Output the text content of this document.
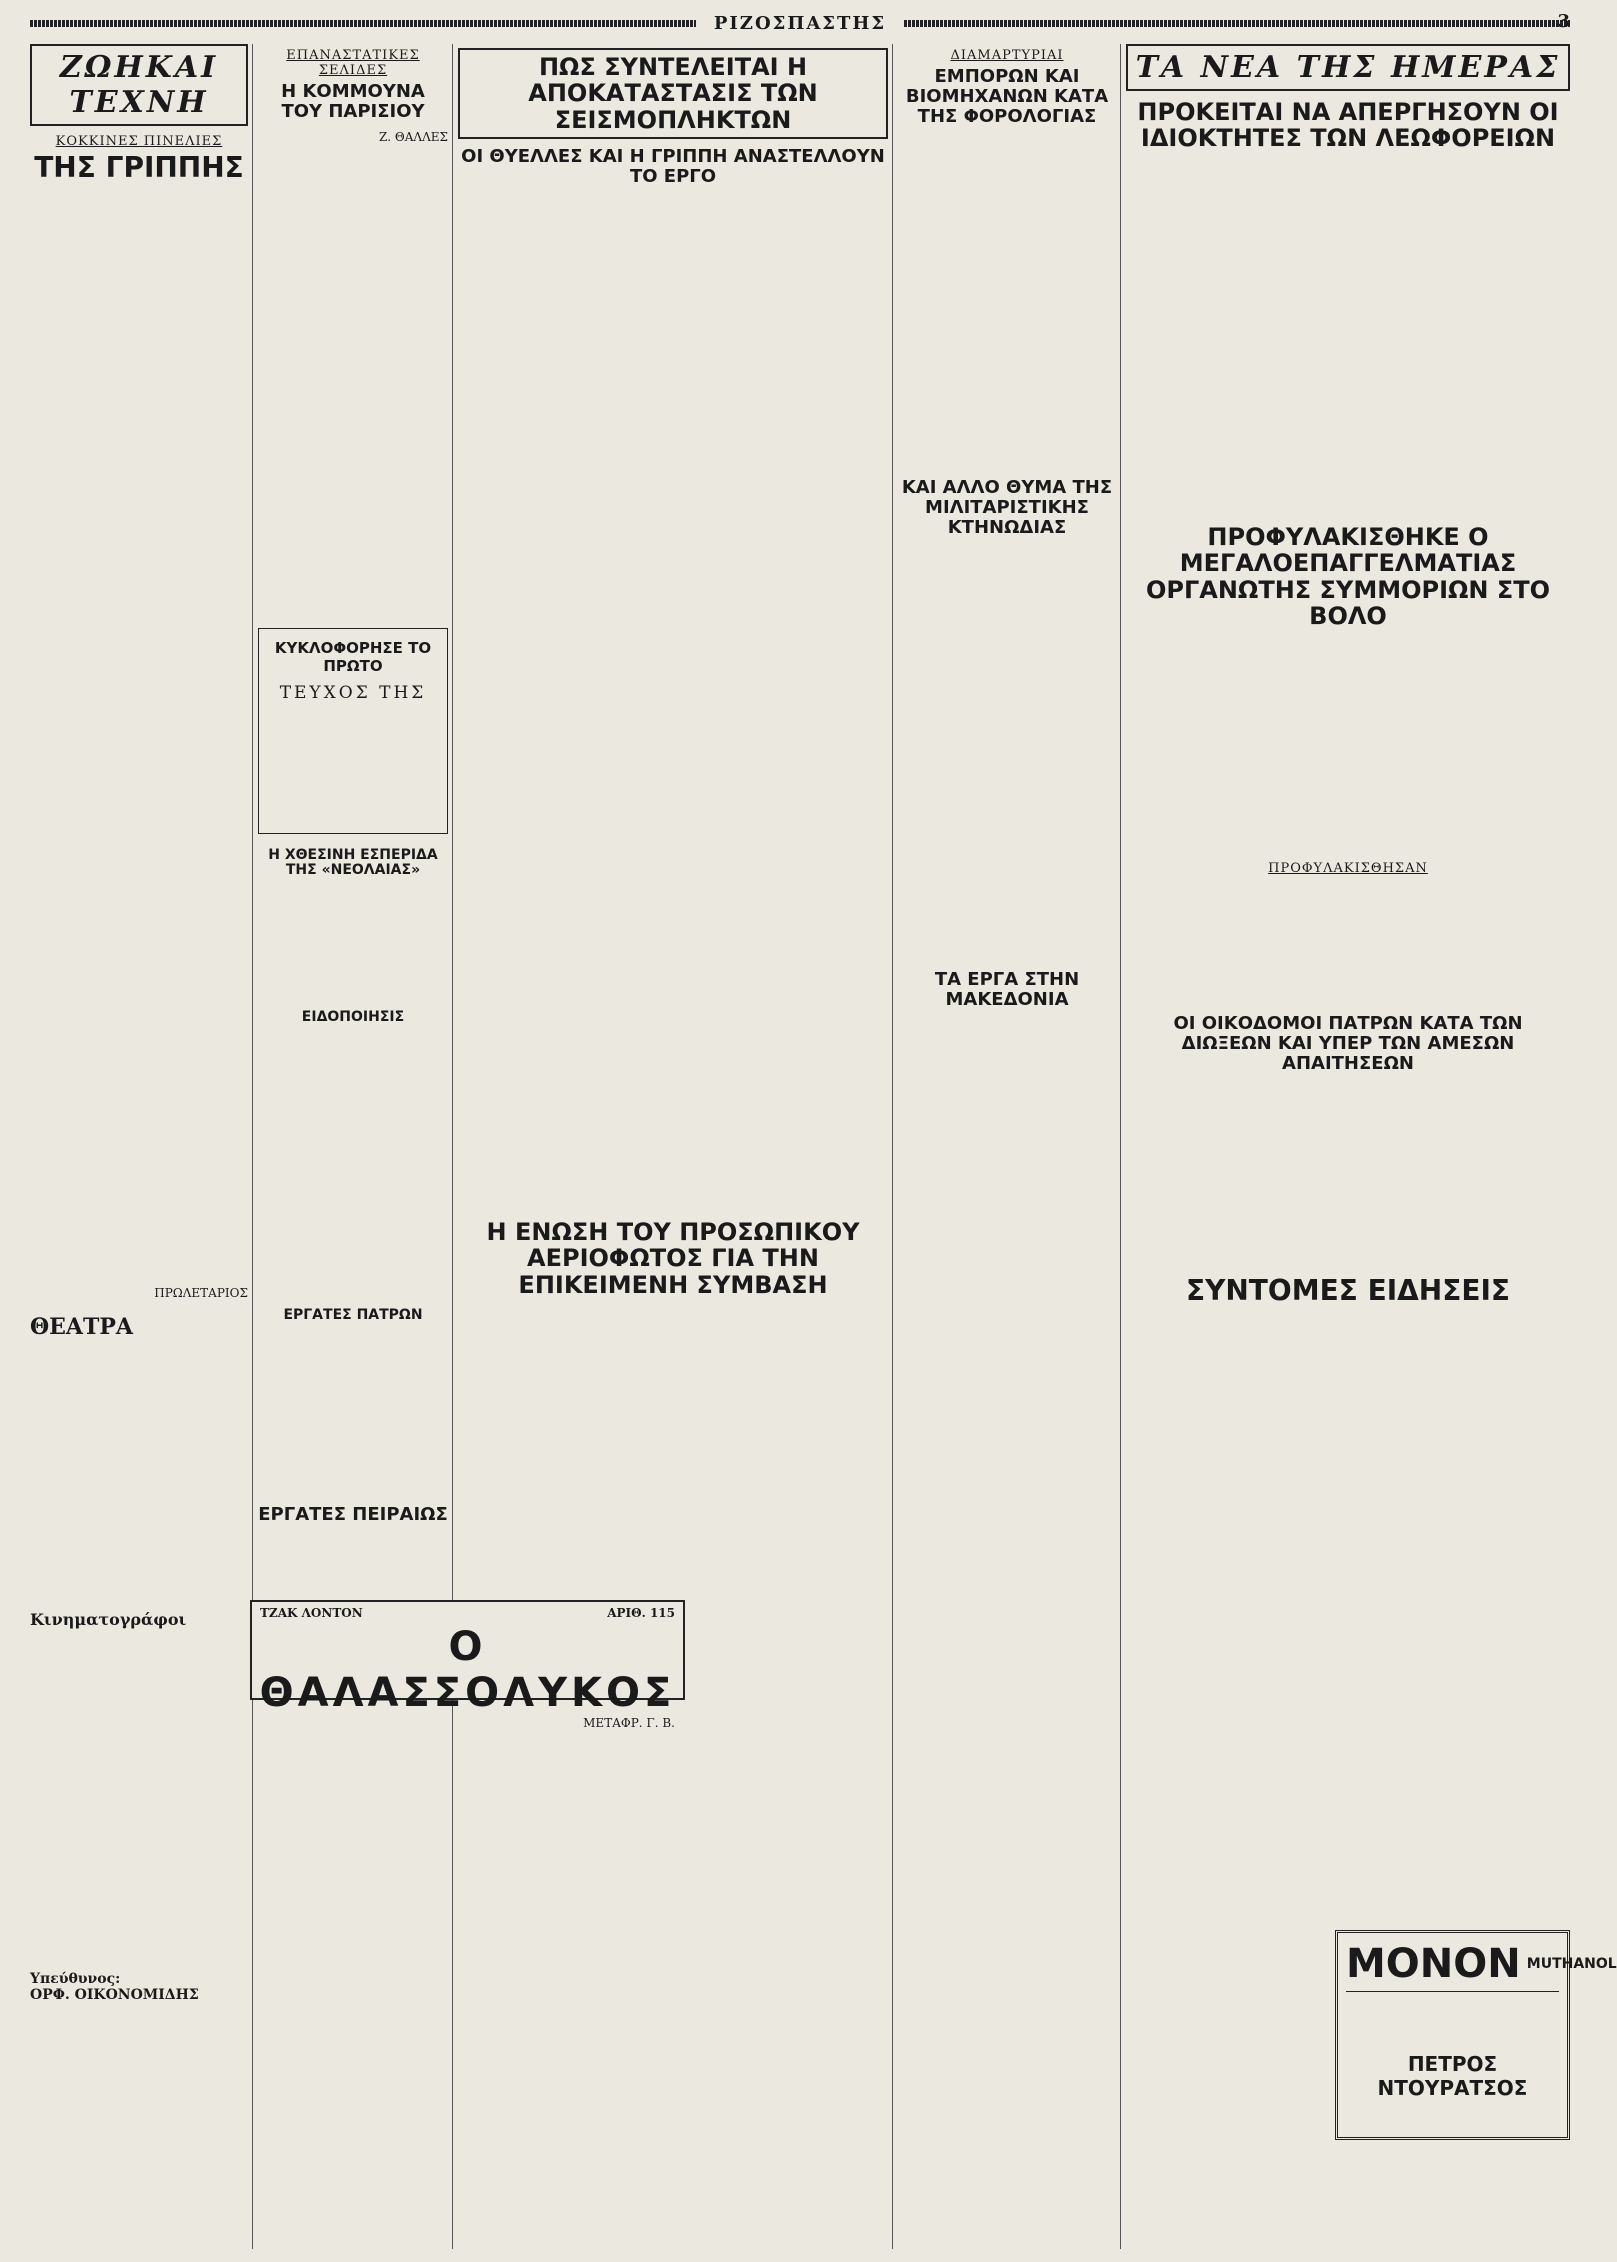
ΡΙΖΟΣΠΑΣΤΗΣ	3
ΖΩΗΚΑΙ ΤΕΧΝΗ
ΚΟΚΚΙΝΕΣ ΠΙΝΕΛΙΕΣ
ΤΗΣ ΓΡΙΠΠΗΣ
ΠΡΩΛΕΤΑΡΙΟΣ
ΘΕΑΤΡΑ
Κινηματογράφοι
Υπεύθυνος:
ΟΡΦ. ΟΙΚΟΝΟΜΙΔΗΣ
ΕΠΑΝΑΣΤΑΤΙΚΕΣ ΣΕΛΙΔΕΣ
Η ΚΟΜΜΟΥΝΑ ΤΟΥ ΠΑΡΙΣΙΟΥ
Ζ. ΘΑΛΛΕΣ
ΚΥΚΛΟΦΟΡΗΣΕ ΤΟ ΠΡΩΤΟ
ΤΕΥΧΟΣ ΤΗΣ
Η ΧΘΕΣΙΝΗ ΕΣΠΕΡΙΔΑ ΤΗΣ «ΝΕΟΛΑΙΑΣ»
ΕΙΔΟΠΟΙΗΣΙΣ
ΕΡΓΑΤΕΣ ΠΑΤΡΩΝ
ΕΡΓΑΤΕΣ ΠΕΙΡΑΙΩΣ
ΠΩΣ ΣΥΝΤΕΛΕΙΤΑΙ Η ΑΠΟΚΑΤΑΣΤΑΣΙΣ ΤΩΝ ΣΕΙΣΜΟΠΛΗΚΤΩΝ
ΟΙ ΘΥΕΛΛΕΣ ΚΑΙ Η ΓΡΙΠΠΗ ΑΝΑΣΤΕΛΛΟΥΝ ΤΟ ΕΡΓΟ
Η ΕΝΩΣΗ ΤΟΥ ΠΡΟΣΩΠΙΚΟΥ ΑΕΡΙΟΦΩΤΟΣ ΓΙΑ ΤΗΝ ΕΠΙΚΕΙΜΕΝΗ ΣΥΜΒΑΣΗ
ΔΙΑΜΑΡΤΥΡΙΑΙ
ΕΜΠΟΡΩΝ ΚΑΙ ΒΙΟΜΗΧΑΝΩΝ ΚΑΤΑ ΤΗΣ ΦΟΡΟΛΟΓΙΑΣ
ΚΑΙ ΑΛΛΟ ΘΥΜΑ ΤΗΣ ΜΙΛΙΤΑΡΙΣΤΙΚΗΣ ΚΤΗΝΩΔΙΑΣ
ΤΑ ΕΡΓΑ ΣΤΗΝ ΜΑΚΕΔΟΝΙΑ
ΤΑ ΝΕΑ ΤΗΣ ΗΜΕΡΑΣ
ΠΡΟΚΕΙΤΑΙ ΝΑ ΑΠΕΡΓΗΣΟΥΝ ΟΙ ΙΔΙΟΚΤΗΤΕΣ ΤΩΝ ΛΕΩΦΟΡΕΙΩΝ
ΠΡΟΦΥΛΑΚΙΣΘΗΚΕ Ο ΜΕΓΑΛΟΕΠΑΓΓΕΛΜΑΤΙΑΣ ΟΡΓΑΝΩΤΗΣ ΣΥΜΜΟΡΙΩΝ ΣΤΟ ΒΟΛΟ
ΠΡΟΦΥΛΑΚΙΣΘΗΣΑΝ
ΟΙ ΟΙΚΟΔΟΜΟΙ ΠΑΤΡΩΝ ΚΑΤΑ ΤΩΝ ΔΙΩΞΕΩΝ ΚΑΙ ΥΠΕΡ ΤΩΝ ΑΜΕΣΩΝ ΑΠΑΙΤΗΣΕΩΝ
ΣΥΝΤΟΜΕΣ ΕΙΔΗΣΕΙΣ
ΤΖΑΚ ΛΟΝΤΟΝ	ΑΡΙΘ. 115
Ο ΘΑΛΑΣΣΟΛΥΚΟΣ
ΜΕΤΑΦΡ. Γ. Β.
ΜΟΝΟΝ MUTHANOL
ΠΕΤΡΟΣ ΝΤΟΥΡΑΤΣΟΣ
